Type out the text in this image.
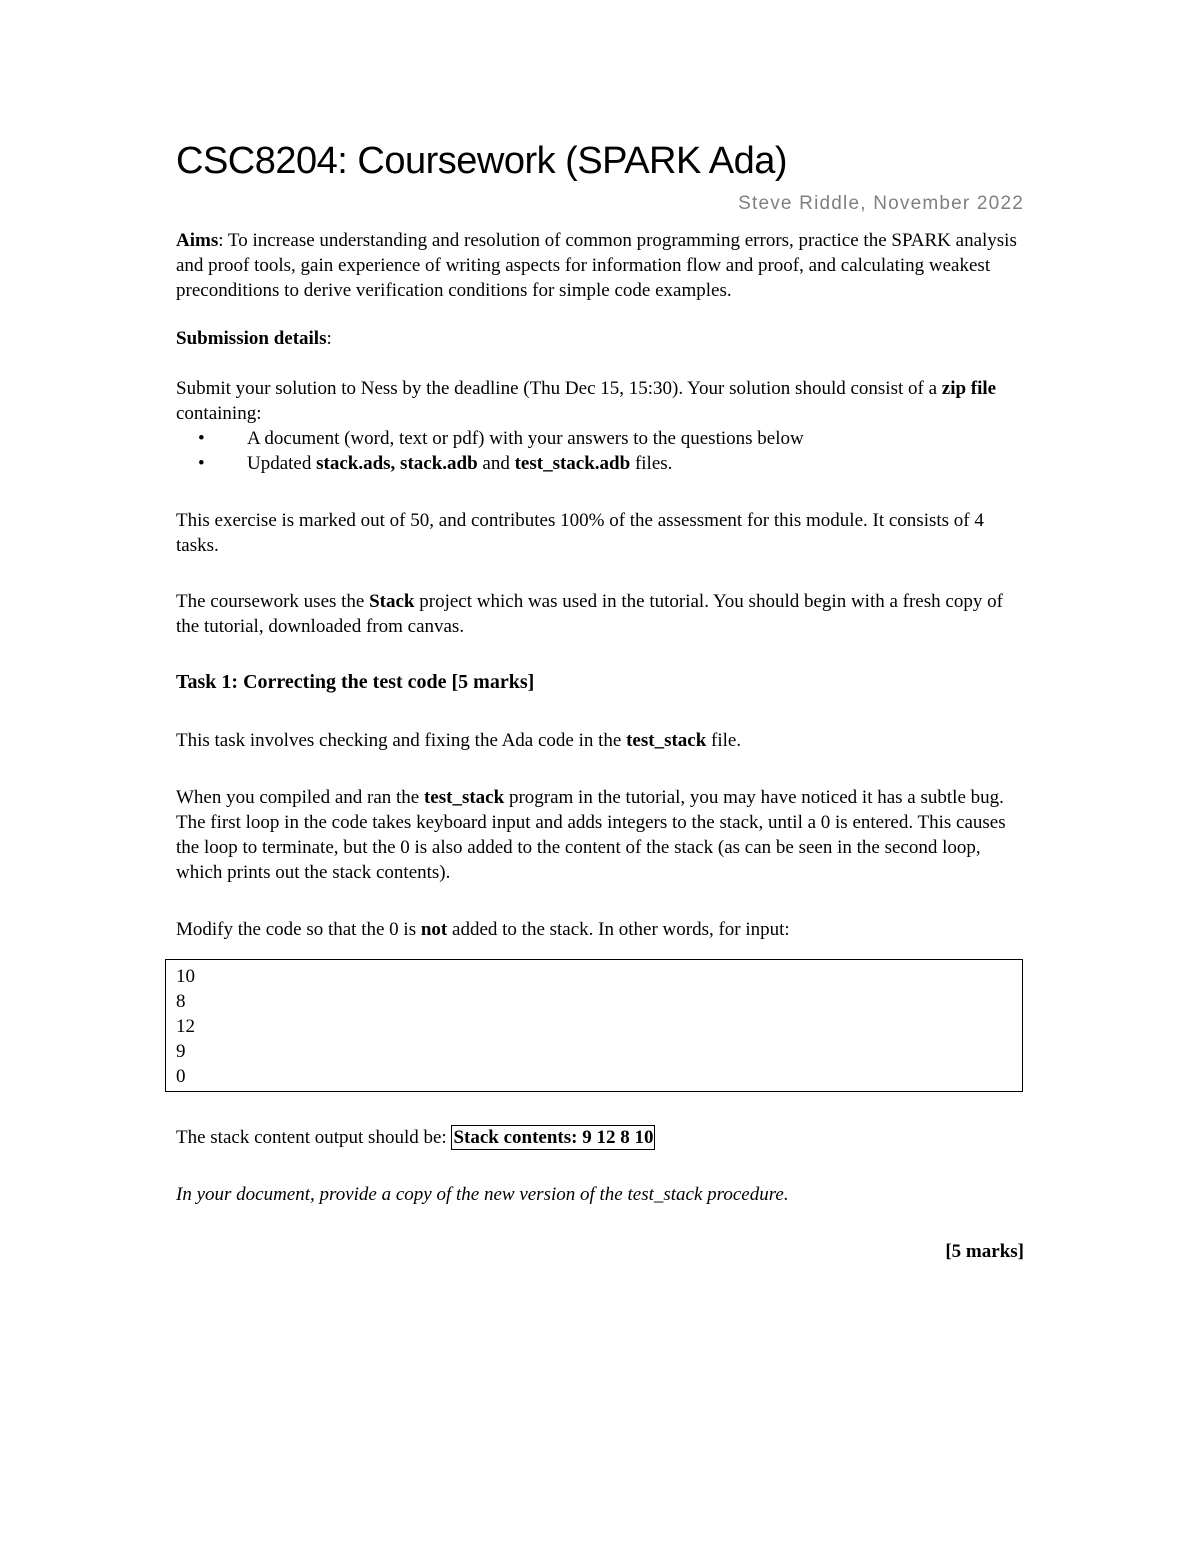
CSC8204: Coursework (SPARK Ada)
Steve Riddle, November 2022

Aims: To increase understanding and resolution of common programming errors, practice the SPARK analysis and proof tools, gain experience of writing aspects for information flow and proof, and calculating weakest preconditions to derive verification conditions for simple code examples.

Submission details:

Submit your solution to Ness by the deadline (Thu Dec 15, 15:30). Your solution should consist of a zip file containing:

• A document (word, text or pdf) with your answers to the questions below
• Updated stack.ads, stack.adb and test_stack.adb files.

This exercise is marked out of 50, and contributes 100% of the assessment for this module. It consists of 4 tasks.

The coursework uses the Stack project which was used in the tutorial. You should begin with a fresh copy of the tutorial, downloaded from canvas.

Task 1: Correcting the test code [5 marks]

This task involves checking and fixing the Ada code in the test_stack file.

When you compiled and ran the test_stack program in the tutorial, you may have noticed it has a subtle bug. The first loop in the code takes keyboard input and adds integers to the stack, until a 0 is entered. This causes the loop to terminate, but the 0 is also added to the content of the stack (as can be seen in the second loop, which prints out the stack contents).

Modify the code so that the 0 is not added to the stack. In other words, for input:

10
8
12
9
0

The stack content output should be: Stack contents: 9 12 8 10

In your document, provide a copy of the new version of the test_stack procedure.

[5 marks]
